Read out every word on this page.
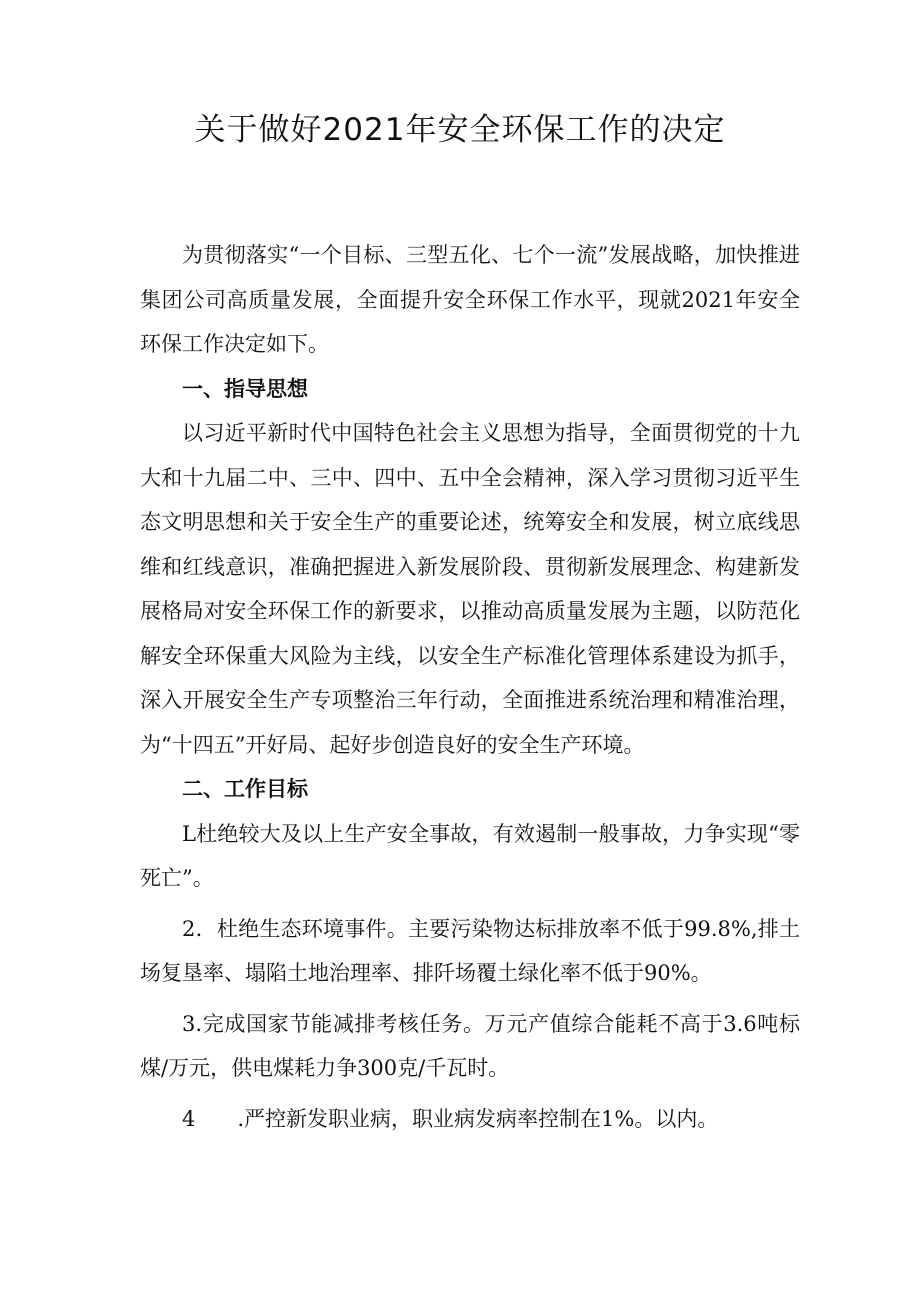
关于做好2021年安全环保工作的决定

为贯彻落实“一个目标、三型五化、七个一流”发展战略，加快推进集团公司高质量发展，全面提升安全环保工作水平，现就2021年安全环保工作决定如下。

一、指导思想

以习近平新时代中国特色社会主义思想为指导，全面贯彻党的十九大和十九届二中、三中、四中、五中全会精神，深入学习贯彻习近平生态文明思想和关于安全生产的重要论述，统筹安全和发展，树立底线思维和红线意识，准确把握进入新发展阶段、贯彻新发展理念、构建新发展格局对安全环保工作的新要求，以推动高质量发展为主题，以防范化解安全环保重大风险为主线，以安全生产标准化管理体系建设为抓手，深入开展安全生产专项整治三年行动，全面推进系统治理和精准治理，为“十四五”开好局、起好步创造良好的安全生产环境。

二、工作目标

L杜绝较大及以上生产安全事故，有效遏制一般事故，力争实现“零死亡”。

2．杜绝生态环境事件。主要污染物达标排放率不低于99.8%,排土场复垦率、塌陷土地治理率、排阡场覆土绿化率不低于90%。

3.完成国家节能减排考核任务。万元产值综合能耗不高于3.6吨标煤/万元，供电煤耗力争300克/千瓦时。

4　　.严控新发职业病，职业病发病率控制在1%。以内。
